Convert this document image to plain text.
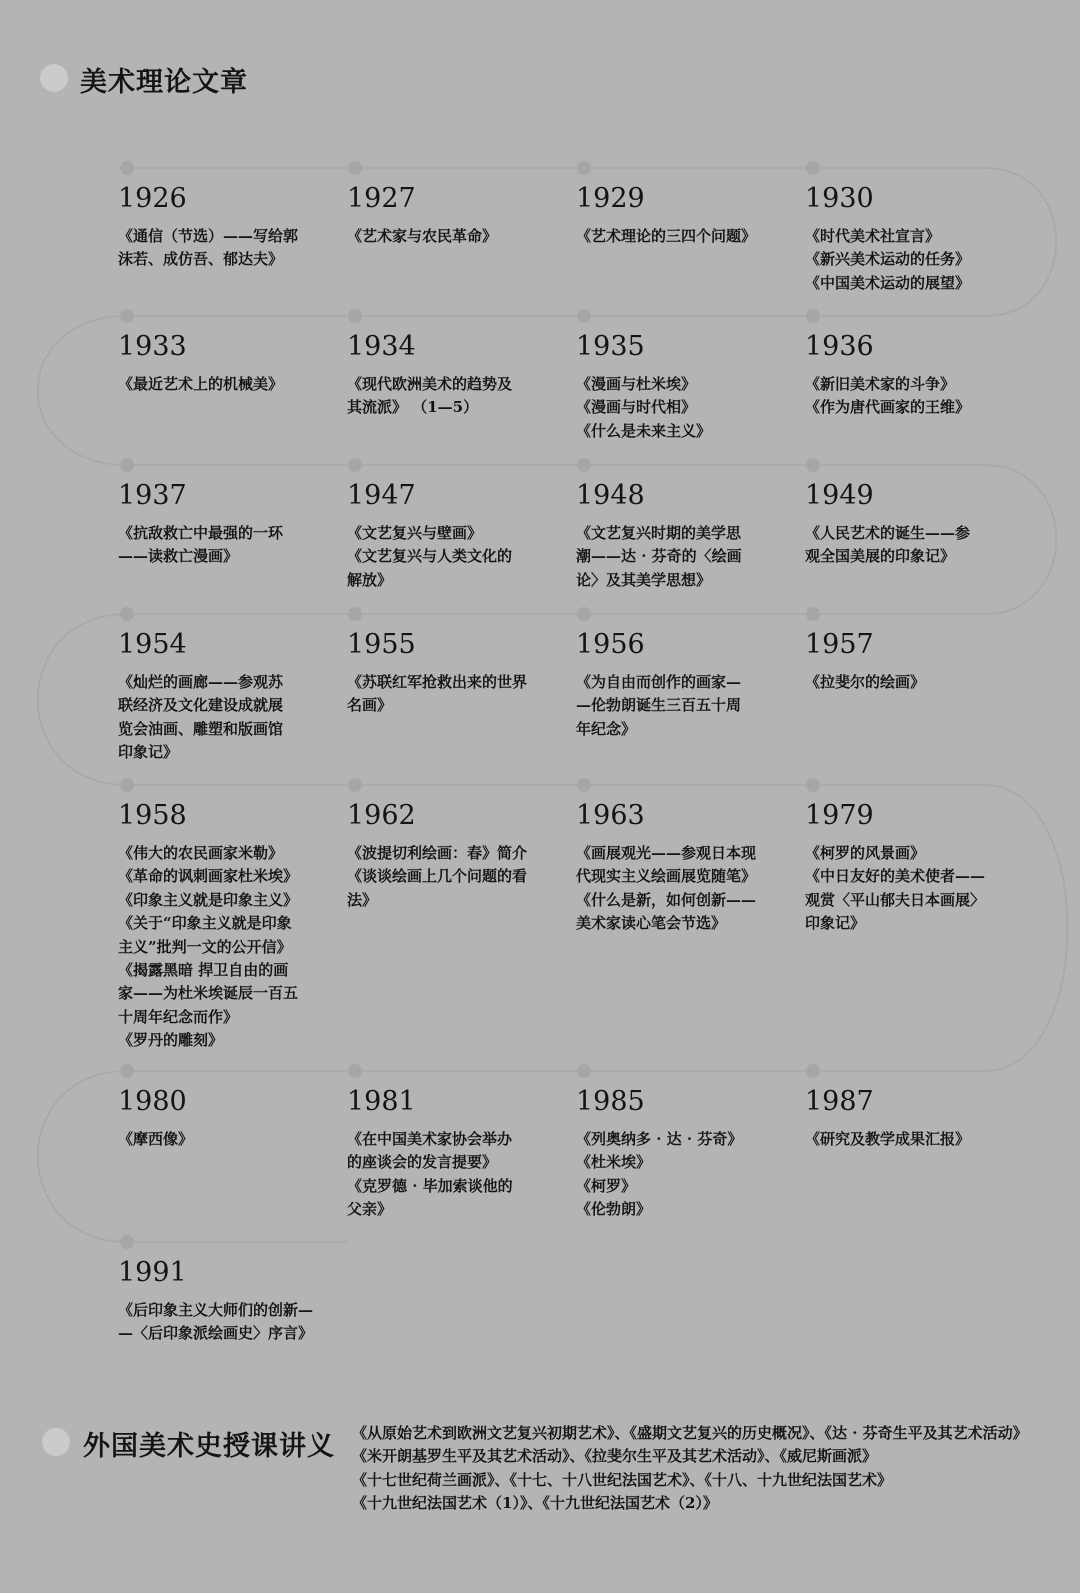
美术理论文章
1926
《通信（节选）——写给郭
沫若、成仿吾、郁达夫》
1927
《艺术家与农民革命》
1929
《艺术理论的三四个问题》
1930
《时代美术社宣言》
《新兴美术运动的任务》
《中国美术运动的展望》
1936
《新旧美术家的斗争》
《作为唐代画家的王维》
1935
《漫画与杜米埃》
《漫画与时代相》
《什么是未来主义》
1934
《现代欧洲美术的趋势及
其流派》 （1—5）
1933
《最近艺术上的机械美》
1937
《抗敌救亡中最强的一环
——读救亡漫画》
1947
《文艺复兴与壁画》
《文艺复兴与人类文化的
解放》
1948
《文艺复兴时期的美学思
潮——达 · 芬奇的〈绘画
论〉及其美学思想》
1949
《人民艺术的诞生——参
观全国美展的印象记》
1957
《拉斐尔的绘画》
1956
《为自由而创作的画家—
—伦勃朗诞生三百五十周
年纪念》
1955
《苏联红军抢救出来的世界
名画》
1954
《灿烂的画廊——参观苏
联经济及文化建设成就展
览会油画、雕塑和版画馆
印象记》
1958
《伟大的农民画家米勒》
《革命的讽刺画家杜米埃》
《印象主义就是印象主义》
《关于“印象主义就是印象
主义”批判一文的公开信》
《揭露黑暗 捍卫自由的画
家——为杜米埃诞辰一百五
十周年纪念而作》
《罗丹的雕刻》
1962
《波提切利绘画：春》简介
《谈谈绘画上几个问题的看
法》
1963
《画展观光——参观日本现
代现实主义绘画展览随笔》
《什么是新，如何创新——
美术家读心笔会节选》
1979
《柯罗的风景画》
《中日友好的美术使者——
观赏〈平山郁夫日本画展〉
印象记》
1987
《研究及教学成果汇报》
1985
《列奥纳多 · 达 · 芬奇》
《杜米埃》
《柯罗》
《伦勃朗》
1981
《在中国美术家协会举办
的座谈会的发言提要》
《克罗德 · 毕加索谈他的
父亲》
1980
《摩西像》
1991
《后印象主义大师们的创新—
—〈后印象派绘画史〉序言》
外国美术史授课讲义 《从原始艺术到欧洲文艺复兴初期艺术》、《盛期文艺复兴的历史概况》、《达 · 芬奇生平及其艺术活动》
《米开朗基罗生平及其艺术活动》、《拉斐尔生平及其艺术活动》、《威尼斯画派》
《十七世纪荷兰画派》、《十七、十八世纪法国艺术》、《十八、十九世纪法国艺术》
《十九世纪法国艺术（1）》、《十九世纪法国艺术（2）》
